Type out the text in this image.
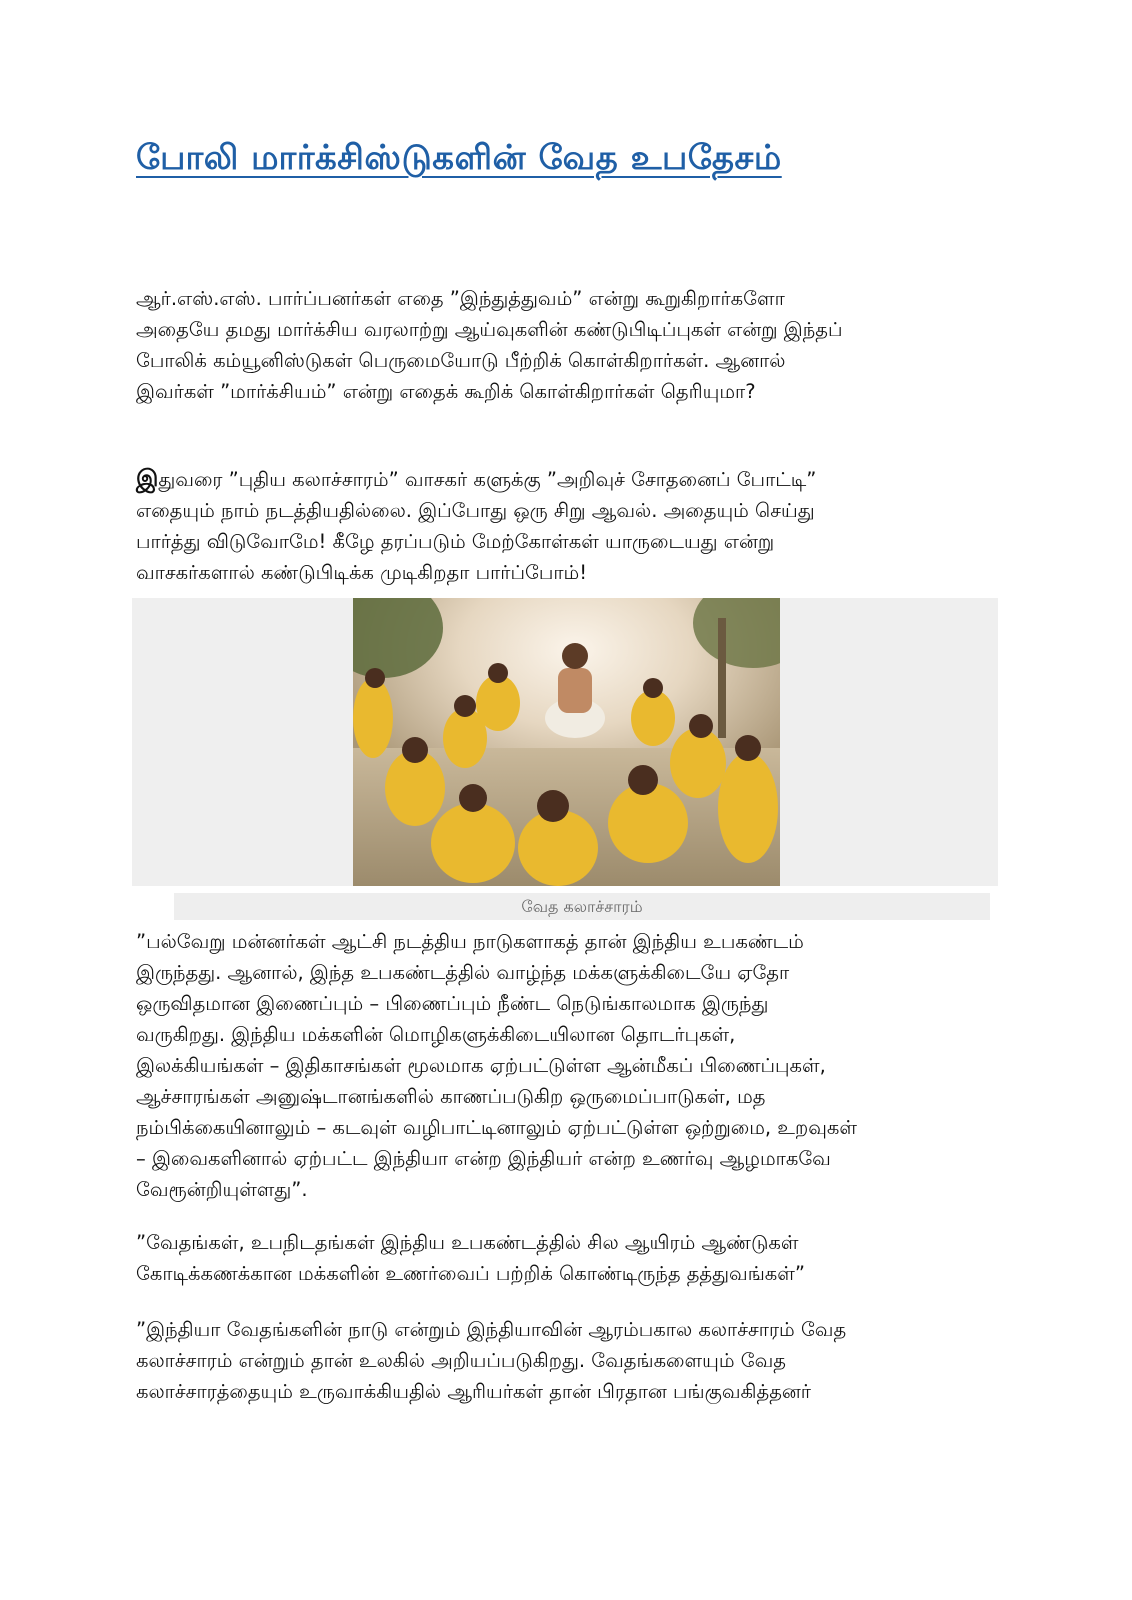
போலி மார்க்சிஸ்டுகளின் வேத உபதேசம்

ஆர்.எஸ்.எஸ். பார்ப்பனர்கள் எதை ”இந்துத்துவம்” என்று கூறுகிறார்களோ
அதையே தமது மார்க்சிய வரலாற்று ஆய்வுகளின் கண்டுபிடிப்புகள் என்று இந்தப்
போலிக் கம்யூனிஸ்டுகள் பெருமையோடு பீற்றிக் கொள்கிறார்கள். ஆனால்
இவர்கள் ”மார்க்சியம்” என்று எதைக் கூறிக் கொள்கிறார்கள் தெரியுமா?

இதுவரை ”புதிய கலாச்சாரம்” வாசகர் களுக்கு ”அறிவுச் சோதனைப் போட்டி”
எதையும் நாம் நடத்தியதில்லை. இப்போது ஒரு சிறு ஆவல். அதையும் செய்து
பார்த்து விடுவோமே! கீழே தரப்படும் மேற்கோள்கள் யாருடையது என்று
வாசகர்களால் கண்டுபிடிக்க முடிகிறதா பார்ப்போம்!

வேத கலாச்சாரம்

”பல்வேறு மன்னர்கள் ஆட்சி நடத்திய நாடுகளாகத் தான் இந்திய உபகண்டம்
இருந்தது. ஆனால், இந்த உபகண்டத்தில் வாழ்ந்த மக்களுக்கிடையே ஏதோ
ஒருவிதமான இணைப்பும் – பிணைப்பும் நீண்ட நெடுங்காலமாக இருந்து
வருகிறது. இந்திய மக்களின் மொழிகளுக்கிடையிலான தொடர்புகள்,
இலக்கியங்கள் – இதிகாசங்கள் மூலமாக ஏற்பட்டுள்ள ஆன்மீகப் பிணைப்புகள்,
ஆச்சாரங்கள் அனுஷ்டானங்களில் காணப்படுகிற ஒருமைப்பாடுகள், மத
நம்பிக்கையினாலும் – கடவுள் வழிபாட்டினாலும் ஏற்பட்டுள்ள ஒற்றுமை, உறவுகள்
– இவைகளினால் ஏற்பட்ட இந்தியா என்ற இந்தியர் என்ற உணர்வு ஆழமாகவே
வேரூன்றியுள்ளது”.

”வேதங்கள், உபநிடதங்கள் இந்திய உபகண்டத்தில் சில ஆயிரம் ஆண்டுகள்
கோடிக்கணக்கான மக்களின் உணர்வைப் பற்றிக் கொண்டிருந்த தத்துவங்கள்”

”இந்தியா வேதங்களின் நாடு என்றும் இந்தியாவின் ஆரம்பகால கலாச்சாரம் வேத
கலாச்சாரம் என்றும் தான் உலகில் அறியப்படுகிறது. வேதங்களையும் வேத
கலாச்சாரத்தையும் உருவாக்கியதில் ஆரியர்கள் தான் பிரதான பங்குவகித்தனர்
